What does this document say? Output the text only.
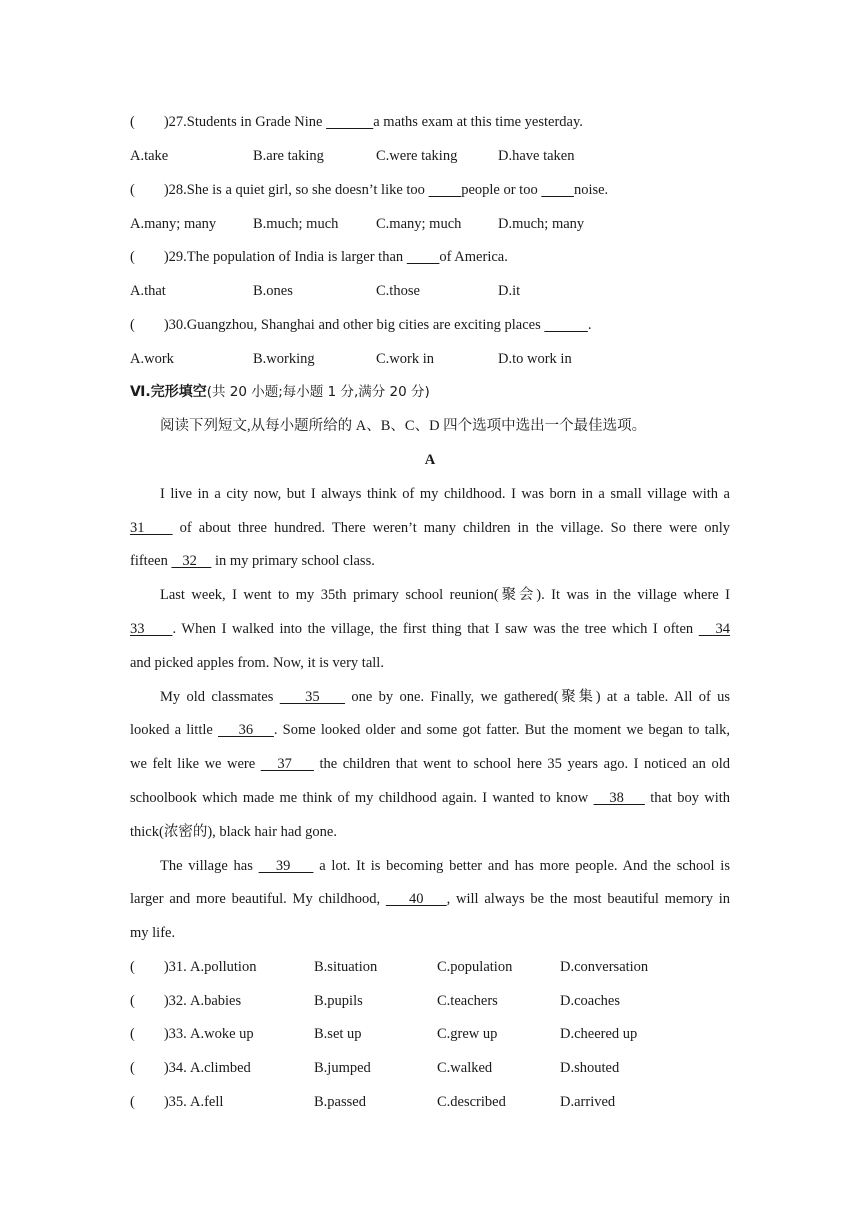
(        )27.Students in Grade Nine	a maths exam at this time yesterday.
A.take	B.are taking	C.were taking	D.have taken
(        )28.She is a quiet girl, so she doesn’t like too          people or too          noise.
A.many; many	B.much; much	C.many; much	D.much; many
(        )29.The population of India is larger than          of America.
A.that	B.ones	C.those	D.it
(        )30.Guangzhou, Shanghai and other big cities are exciting places	.
A.work	B.working	C.work in	D.to work in
Ⅵ.完形填空(共 20 小题;每小题 1 分,满分 20 分)
阅读下列短文,从每小题所给的 A、B、C、D 四个选项中选出一个最佳选项。
A
I live in a city now, but I always think of my childhood. I was born in a small village with a
31     of about three hundred. There weren’t many children in the village. So there were only
fifteen    32     in my primary school class.
Last week, I went to my 35th primary school reunion(聚会). It was in the village where I
33     . When I walked into the village, the first thing that I saw was the tree which I often    34
and picked apples from. Now, it is very tall.
My old classmates     35     one by one. Finally, we gathered(聚集) at a table. All of us
looked a little     36    . Some looked older and some got fatter. But the moment we began to talk,
we felt like we were    37     the children that went to school here 35 years ago. I noticed an old
schoolbook which made me think of my childhood again. I wanted to know    38     that boy with
thick(浓密的), black hair had gone.
The village has    39     a lot. It is becoming better and has more people. And the school is
larger and more beautiful. My childhood,     40    , will always be the most beautiful memory in
my life.
(        )31. A.pollution	B.situation	C.population	D.conversation
(        )32. A.babies	B.pupils	C.teachers	D.coaches
(        )33. A.woke up	B.set up	C.grew up	D.cheered up
(        )34. A.climbed	B.jumped	C.walked	D.shouted
(        )35. A.fell	B.passed	C.described	D.arrived
